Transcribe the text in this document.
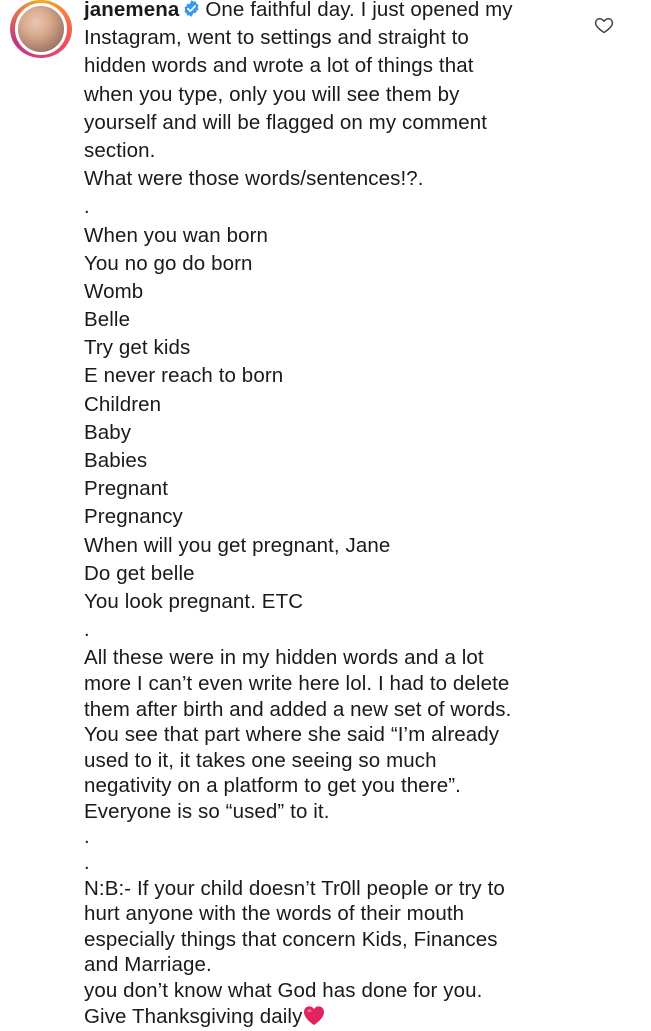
janemena One faithful day. I just opened my
Instagram, went to settings and straight to
hidden words and wrote a lot of things that
when you type, only you will see them by
yourself and will be flagged on my comment
section.
What were those words/sentences!?.
.
When you wan born
You no go do born
Womb
Belle
Try get kids
E never reach to born
Children
Baby
Babies
Pregnant
Pregnancy
When will you get pregnant, Jane
Do get belle
You look pregnant. ETC
.
All these were in my hidden words and a lot
more I can’t even write here lol. I had to delete
them after birth and added a new set of words.
You see that part where she said “I’m already
used to it, it takes one seeing so much
negativity on a platform to get you there”.
Everyone is so “used” to it.
.
.
N:B:- If your child doesn’t Tr0ll people or try to
hurt anyone with the words of their mouth
especially things that concern Kids, Finances
and Marriage.
you don’t know what God has done for you.
Give Thanksgiving daily
